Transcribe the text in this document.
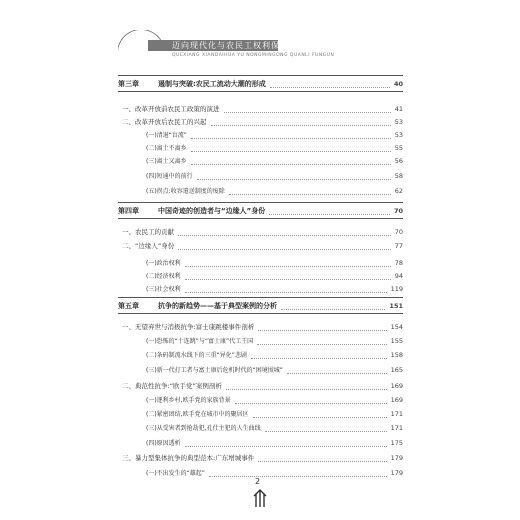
迈向现代化与农民工权利保障
QUEXIANG XIANDAIHUA YU NONGMINGONG QUANLI FUNGUN
第三章	遏制与突破:农民工流动大潮的形成	40
一、改革开放前农民工政策的演进	41
二、改革开放后农民工的兴起	53
(一)清退“盲流”	53
(二)离土不离乡	55
(三)离土又离乡	56
(四)短通中的前行	58
(五)拐点:收容遣送制度的废除	62
第四章	中国奇迹的创造者与“边缘人”身份	70
一、农民工的贡献	70
二、“边缘人”身份	77
(一)政治权利	78
(二)经济权利	94
(三)社会权利	119
第五章	抗争的新趋势——基于典型案例的分析	151
一、无望弃世与消极抗争:富士康跳楼事件剖析	154
(一)恐怖的“十连跳”与“富士康”代工王国	155
(二)条码制流水线下的三重“异化”悲剧	158
(三)新一代打工者与富士康后危机时代的“困境围城”	165
二、典范性抗争:“欧手党”案例剖析	169
(一)逐利乡村,欧手党的家族背景	169
(二)紧密团结,欧手党在城市中的聚居区	171
(三)从受害者到抢劫犯,孔仕主犯的人生曲线	171
(四)原因透析	175
三、暴力型集体抗争的典型范本:广东增城事件	179
(一)不出发生的“雄起”	179
2
